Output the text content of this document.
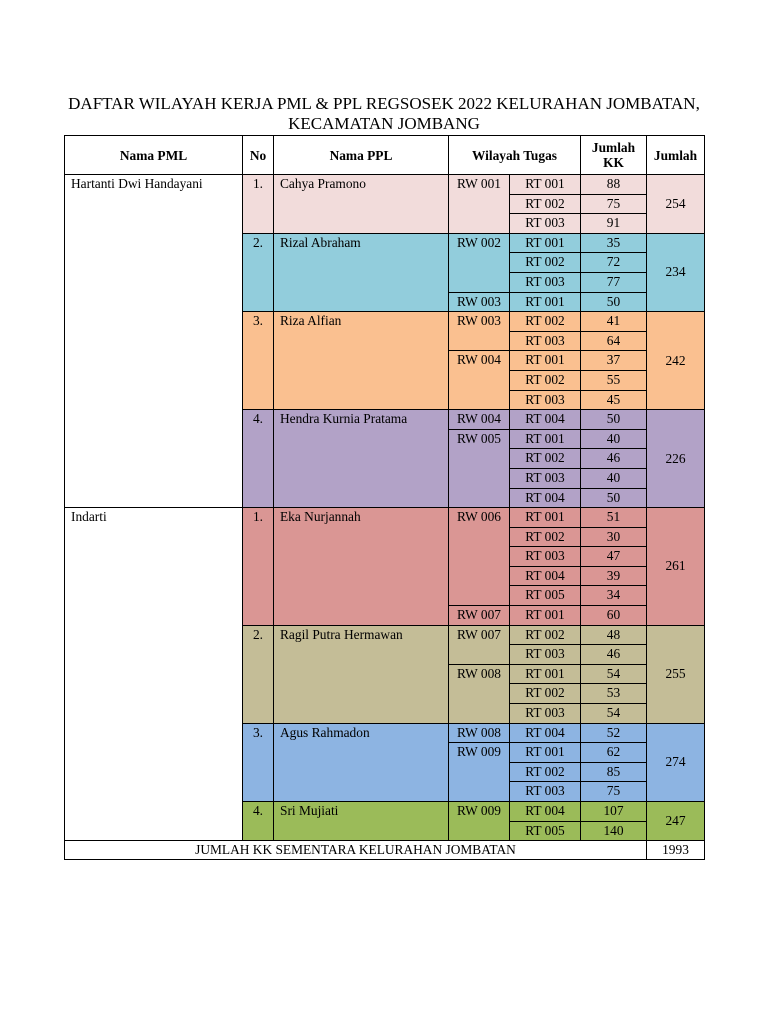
DAFTAR WILAYAH KERJA PML & PPL REGSOSEK 2022 KELURAHAN JOMBATAN, KECAMATAN JOMBANG
Nama PML	No	Nama PPL	Wilayah Tugas		Jumlah KK	Jumlah
Hartanti Dwi Handayani	1.	Cahya Pramono	RW 001	RT 001	88	254
				RT 002	75	
				RT 003	91	
	2.	Rizal Abraham	RW 002	RT 001	35	234
				RT 002	72	
				RT 003	77	
			RW 003	RT 001	50	
	3.	Riza Alfian	RW 003	RT 002	41	242
				RT 003	64	
			RW 004	RT 001	37	
				RT 002	55	
				RT 003	45	
	4.	Hendra Kurnia Pratama	RW 004	RT 004	50	226
			RW 005	RT 001	40	
				RT 002	46	
				RT 003	40	
				RT 004	50	
Indarti	1.	Eka Nurjannah	RW 006	RT 001	51	261
				RT 002	30	
				RT 003	47	
				RT 004	39	
				RT 005	34	
			RW 007	RT 001	60	
	2.	Ragil Putra Hermawan	RW 007	RT 002	48	255
				RT 003	46	
			RW 008	RT 001	54	
				RT 002	53	
				RT 003	54	
	3.	Agus Rahmadon	RW 008	RT 004	52	274
			RW 009	RT 001	62	
				RT 002	85	
				RT 003	75	
	4.	Sri Mujiati	RW 009	RT 004	107	247
				RT 005	140	
JUMLAH KK SEMENTARA KELURAHAN JOMBATAN						1993
